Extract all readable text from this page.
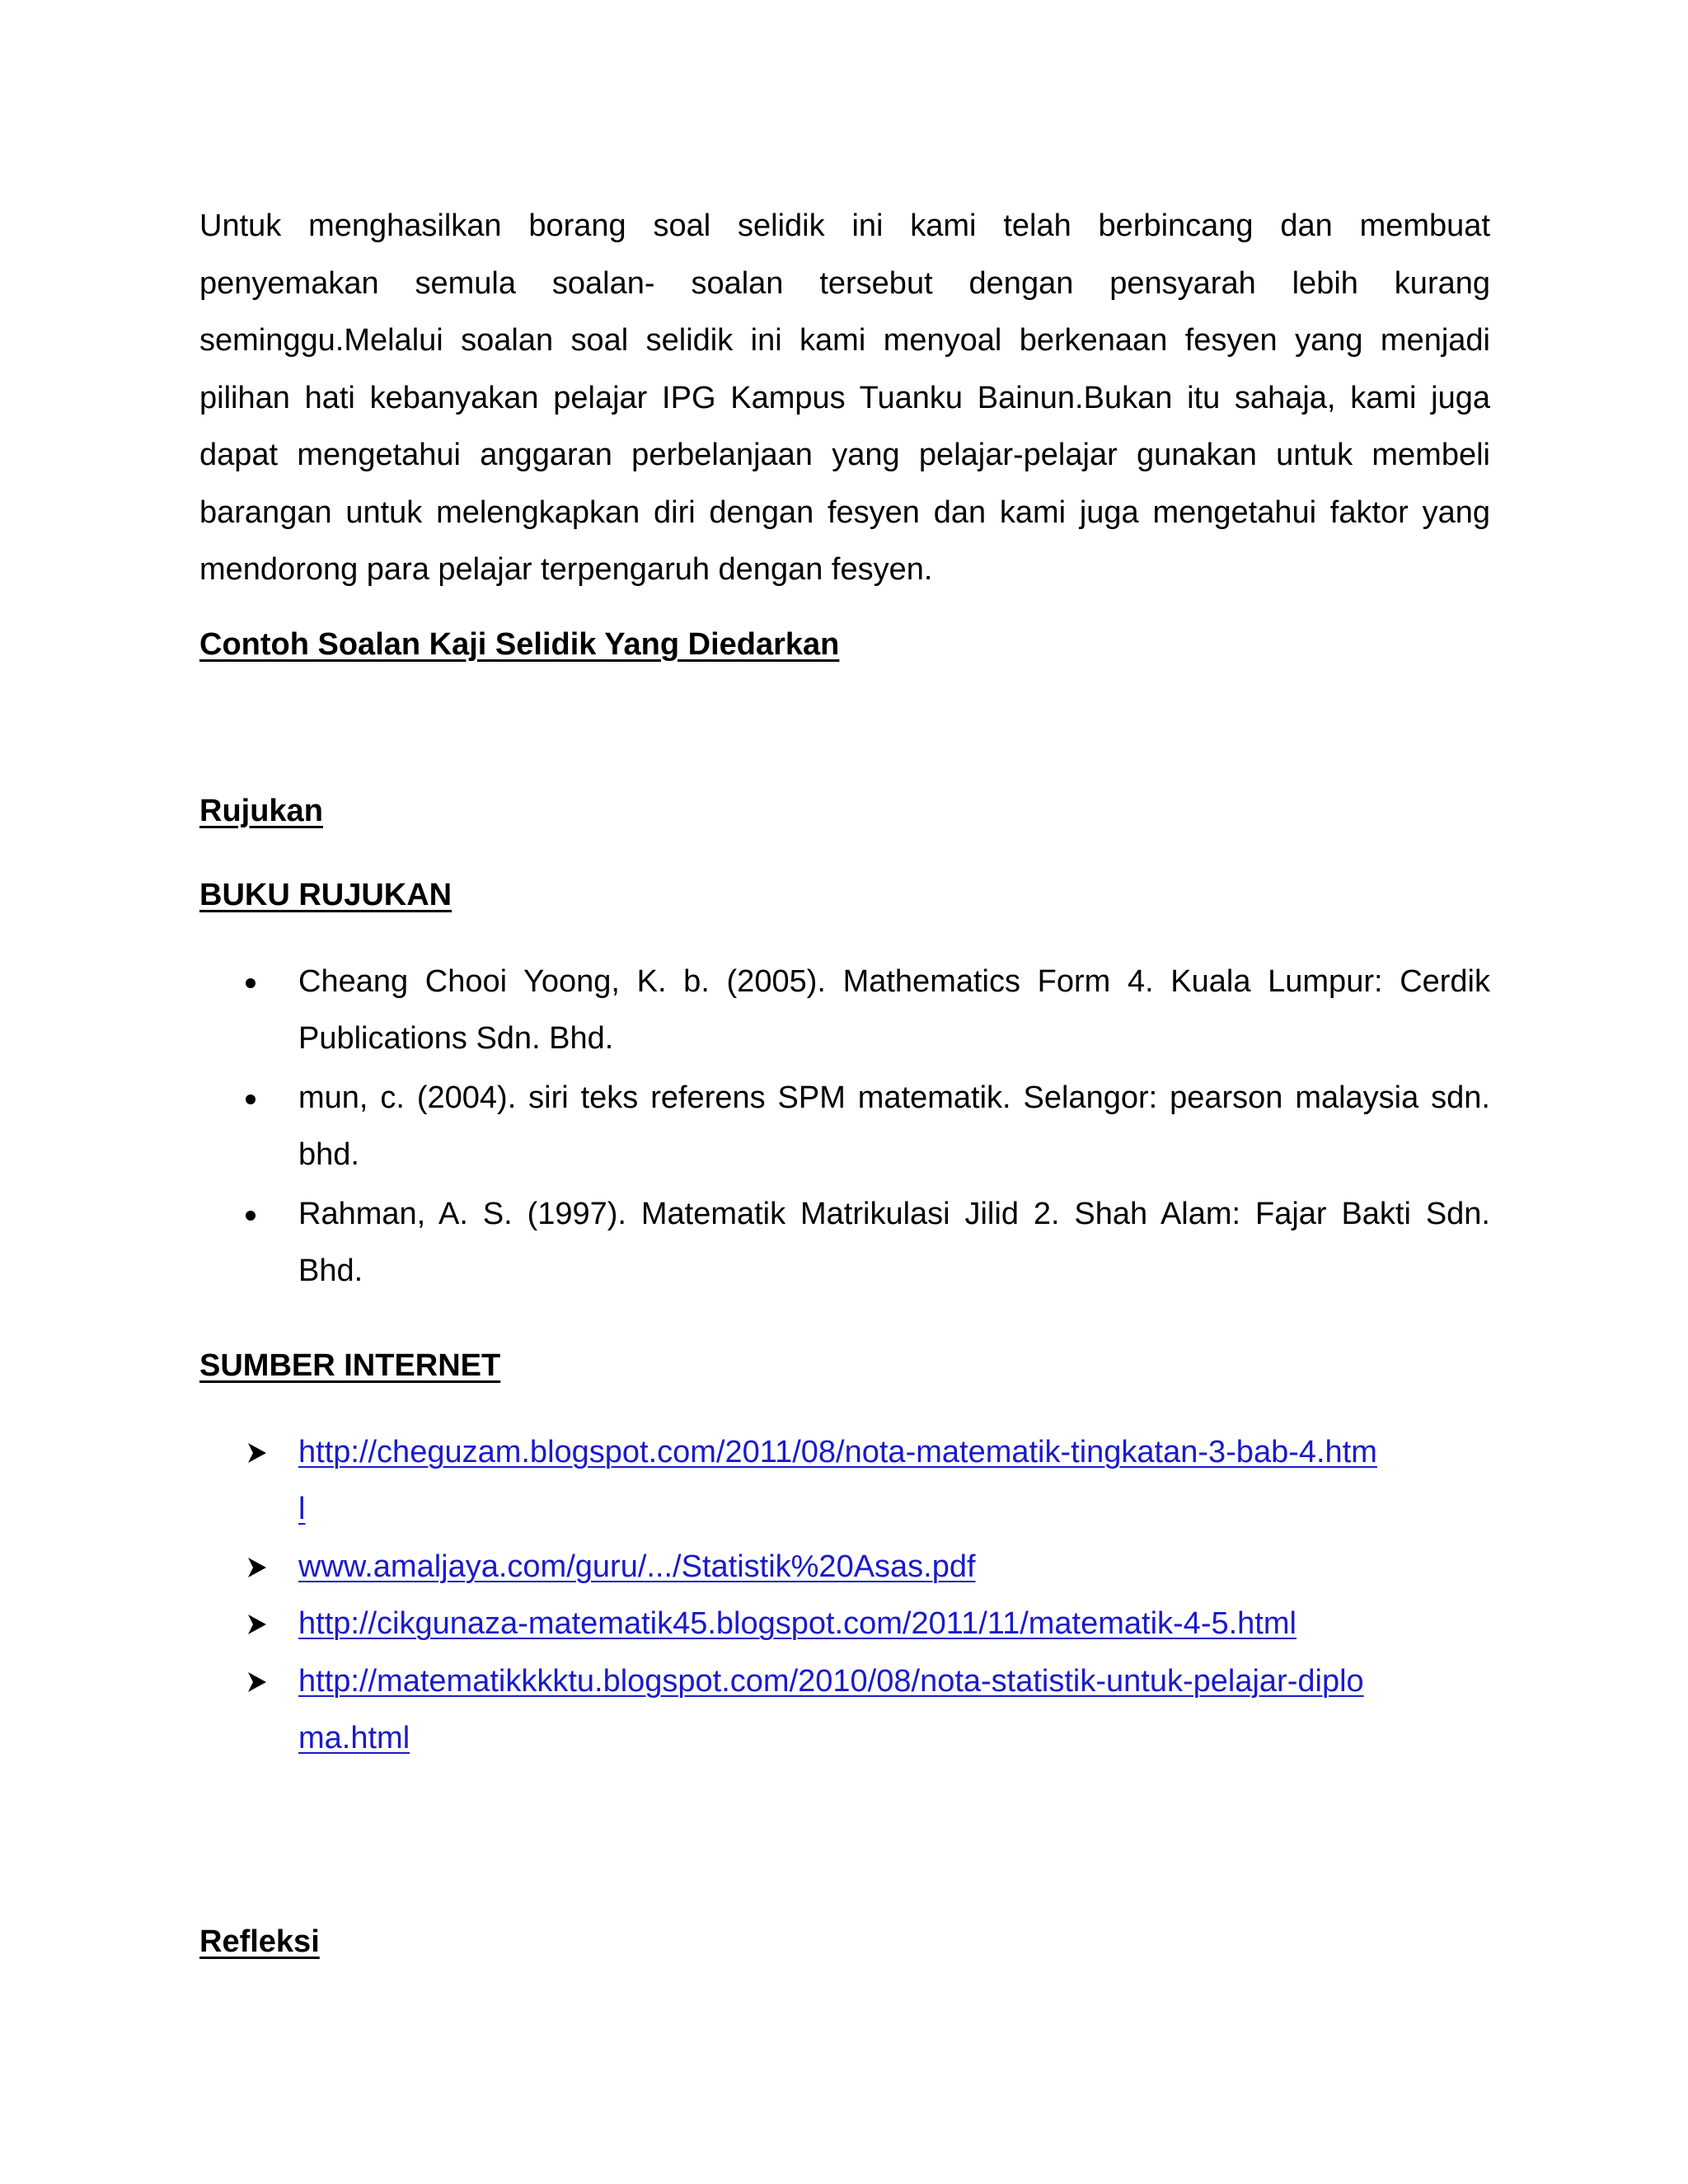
Untuk menghasilkan borang soal selidik ini kami telah berbincang dan membuat penyemakan semula soalan- soalan tersebut dengan pensyarah lebih kurang seminggu.Melalui soalan soal selidik ini kami menyoal berkenaan fesyen yang menjadi pilihan hati kebanyakan pelajar IPG Kampus Tuanku Bainun.Bukan itu sahaja, kami juga dapat mengetahui anggaran perbelanjaan yang pelajar-pelajar gunakan untuk membeli barangan untuk melengkapkan diri dengan fesyen dan kami juga mengetahui faktor yang mendorong para pelajar terpengaruh dengan fesyen.

Contoh Soalan Kaji Selidik Yang Diedarkan
Rujukan
BUKU RUJUKAN
Cheang Chooi Yoong, K. b. (2005). Mathematics Form 4. Kuala Lumpur: Cerdik Publications Sdn. Bhd.
mun, c. (2004). siri teks referens SPM matematik. Selangor: pearson malaysia sdn. bhd.
Rahman, A. S. (1997). Matematik Matrikulasi Jilid 2. Shah Alam: Fajar Bakti Sdn. Bhd.
SUMBER INTERNET
http://cheguzam.blogspot.com/2011/08/nota-matematik-tingkatan-3-bab-4.html
www.amaljaya.com/guru/.../Statistik%20Asas.pdf
http://cikgunaza-matematik45.blogspot.com/2011/11/matematik-4-5.html
http://matematikkkktu.blogspot.com/2010/08/nota-statistik-untuk-pelajar-diploma.html
Refleksi
